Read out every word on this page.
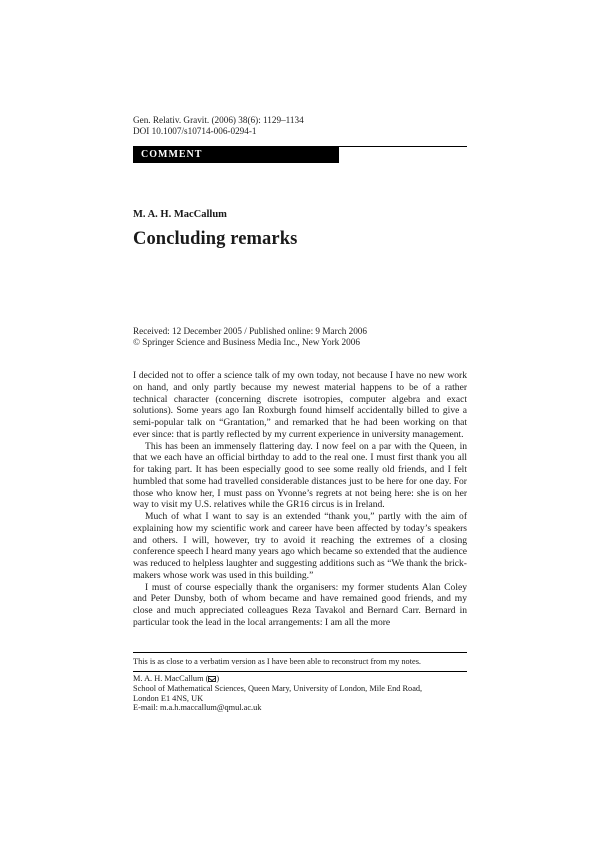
Gen. Relativ. Gravit. (2006) 38(6): 1129–1134
DOI 10.1007/s10714-006-0294-1
COMMENT
M. A. H. MacCallum
Concluding remarks
Received: 12 December 2005 / Published online: 9 March 2006
© Springer Science and Business Media Inc., New York 2006

I decided not to offer a science talk of my own today, not because I have no new work on hand, and only partly because my newest material happens to be of a rather technical character (concerning discrete isotropies, computer algebra and exact solutions). Some years ago Ian Roxburgh found himself accidentally billed to give a semi-popular talk on “Grantation,” and remarked that he had been working on that ever since: that is partly reflected by my current experience in university management.

This has been an immensely flattering day. I now feel on a par with the Queen, in that we each have an official birthday to add to the real one. I must first thank you all for taking part. It has been especially good to see some really old friends, and I felt humbled that some had travelled considerable distances just to be here for one day. For those who know her, I must pass on Yvonne’s regrets at not being here: she is on her way to visit my U.S. relatives while the GR16 circus is in Ireland.

Much of what I want to say is an extended “thank you,” partly with the aim of explaining how my scientific work and career have been affected by today’s speakers and others. I will, however, try to avoid it reaching the extremes of a closing conference speech I heard many years ago which became so extended that the audience was reduced to helpless laughter and suggesting additions such as “We thank the brick-makers whose work was used in this building.”

I must of course especially thank the organisers: my former students Alan Coley and Peter Dunsby, both of whom became and have remained good friends, and my close and much appreciated colleagues Reza Tavakol and Bernard Carr. Bernard in particular took the lead in the local arrangements: I am all the more

This is as close to a verbatim version as I have been able to reconstruct from my notes.
M. A. H. MacCallum ( )
School of Mathematical Sciences, Queen Mary, University of London, Mile End Road,
London E1 4NS, UK
E-mail: m.a.h.maccallum@qmul.ac.uk
